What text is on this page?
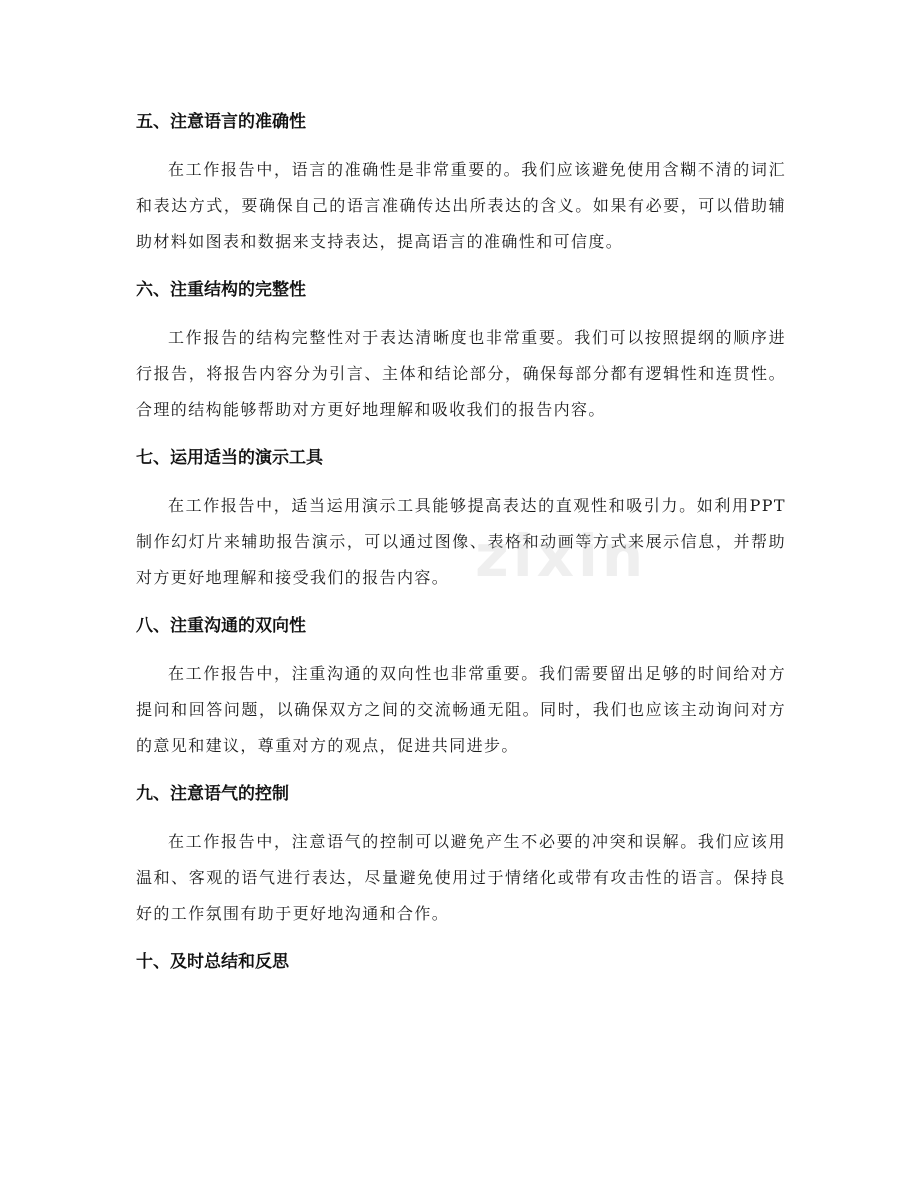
五、注意语言的准确性

在工作报告中，语言的准确性是非常重要的。我们应该避免使用含糊不清的词汇和表达方式，要确保自己的语言准确传达出所表达的含义。如果有必要，可以借助辅助材料如图表和数据来支持表达，提高语言的准确性和可信度。

六、注重结构的完整性

工作报告的结构完整性对于表达清晰度也非常重要。我们可以按照提纲的顺序进行报告，将报告内容分为引言、主体和结论部分，确保每部分都有逻辑性和连贯性。合理的结构能够帮助对方更好地理解和吸收我们的报告内容。

七、运用适当的演示工具

在工作报告中，适当运用演示工具能够提高表达的直观性和吸引力。如利用PPT制作幻灯片来辅助报告演示，可以通过图像、表格和动画等方式来展示信息，并帮助对方更好地理解和接受我们的报告内容。

八、注重沟通的双向性

在工作报告中，注重沟通的双向性也非常重要。我们需要留出足够的时间给对方提问和回答问题，以确保双方之间的交流畅通无阻。同时，我们也应该主动询问对方的意见和建议，尊重对方的观点，促进共同进步。

九、注意语气的控制

在工作报告中，注意语气的控制可以避免产生不必要的冲突和误解。我们应该用温和、客观的语气进行表达，尽量避免使用过于情绪化或带有攻击性的语言。保持良好的工作氛围有助于更好地沟通和合作。

十、及时总结和反思
zixin
